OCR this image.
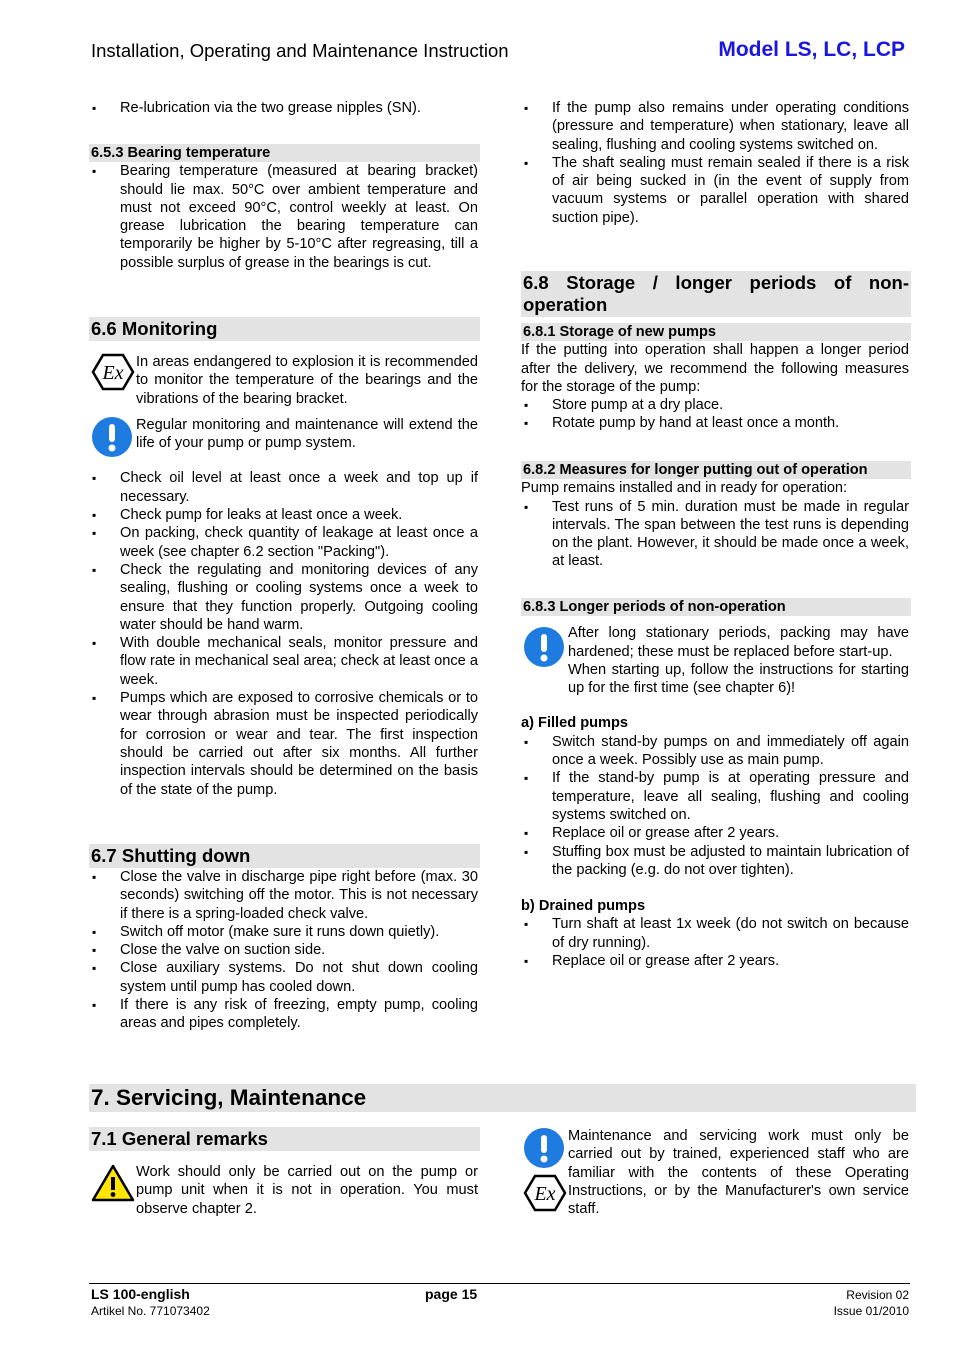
Installation, Operating and Maintenance Instruction	Model LS, LC, LCP
▪ Re-lubrication via the two grease nipples (SN).
6.5.3 Bearing temperature
▪ Bearing temperature (measured at bearing bracket) should lie max. 50°C over ambient temperature and must not exceed 90°C, control weekly at least. On grease lubrication the bearing temperature can temporarily be higher by 5-10°C after regreasing, till a possible surplus of grease in the bearings is cut.
6.6 Monitoring
Ex In areas endangered to explosion it is recommended to monitor the temperature of the bearings and the vibrations of the bearing bracket.
Regular monitoring and maintenance will extend the life of your pump or pump system.
▪ Check oil level at least once a week and top up if necessary.
▪ Check pump for leaks at least once a week.
▪ On packing, check quantity of leakage at least once a week (see chapter 6.2 section "Packing").
▪ Check the regulating and monitoring devices of any sealing, flushing or cooling systems once a week to ensure that they function properly. Outgoing cooling water should be hand warm.
▪ With double mechanical seals, monitor pressure and flow rate in mechanical seal area; check at least once a week.
▪ Pumps which are exposed to corrosive chemicals or to wear through abrasion must be inspected periodically for corrosion or wear and tear. The first inspection should be carried out after six months. All further inspection intervals should be determined on the basis of the state of the pump.
6.7 Shutting down
▪ Close the valve in discharge pipe right before (max. 30 seconds) switching off the motor. This is not necessary if there is a spring-loaded check valve.
▪ Switch off motor (make sure it runs down quietly).
▪ Close the valve on suction side.
▪ Close auxiliary systems. Do not shut down cooling system until pump has cooled down.
▪ If there is any risk of freezing, empty pump, cooling areas and pipes completely.
▪ If the pump also remains under operating conditions (pressure and temperature) when stationary, leave all sealing, flushing and cooling systems switched on.
▪ The shaft sealing must remain sealed if there is a risk of air being sucked in (in the event of supply from vacuum systems or parallel operation with shared suction pipe).
6.8 Storage / longer periods of non-operation
6.8.1 Storage of new pumps
If the putting into operation shall happen a longer period after the delivery, we recommend the following measures for the storage of the pump:
▪ Store pump at a dry place.
▪ Rotate pump by hand at least once a month.
6.8.2 Measures for longer putting out of operation
Pump remains installed and in ready for operation:
▪ Test runs of 5 min. duration must be made in regular intervals. The span between the test runs is depending on the plant. However, it should be made once a week, at least.
6.8.3 Longer periods of non-operation
After long stationary periods, packing may have hardened; these must be replaced before start-up.
When starting up, follow the instructions for starting up for the first time (see chapter 6)!
a) Filled pumps
▪ Switch stand-by pumps on and immediately off again once a week. Possibly use as main pump.
▪ If the stand-by pump is at operating pressure and temperature, leave all sealing, flushing and cooling systems switched on.
▪ Replace oil or grease after 2 years.
▪ Stuffing box must be adjusted to maintain lubrication of the packing (e.g. do not over tighten).
b) Drained pumps
▪ Turn shaft at least 1x week (do not switch on because of dry running).
▪ Replace oil or grease after 2 years.
7. Servicing, Maintenance
7.1 General remarks
Work should only be carried out on the pump or pump unit when it is not in operation. You must observe chapter 2.
Ex
Maintenance and servicing work must only be carried out by trained, experienced staff who are familiar with the contents of these Operating Instructions, or by the Manufacturer's own service staff.
LS 100-english
Artikel No. 771073402
page 15	Revision 02
Issue 01/2010
